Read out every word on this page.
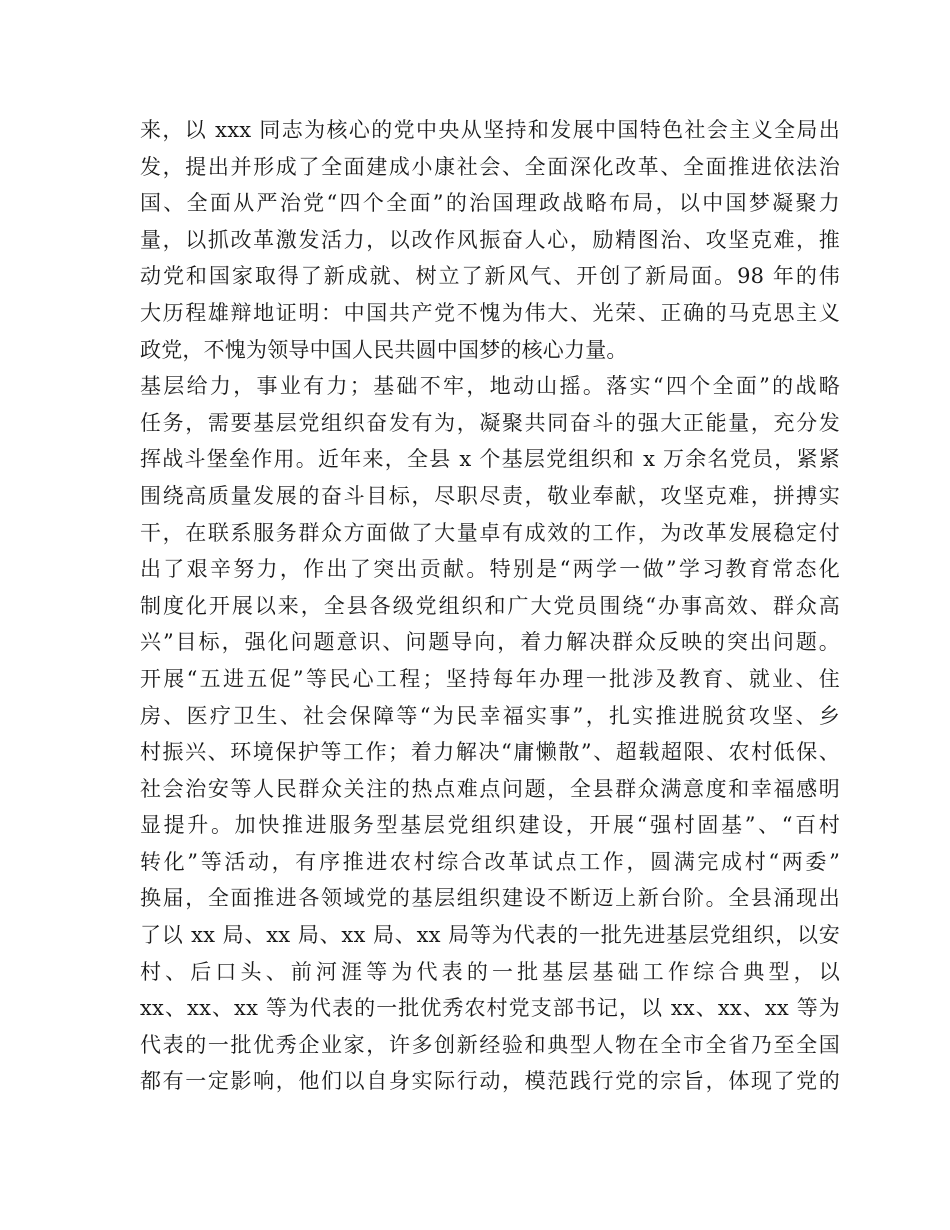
来，以 xxx 同志为核心的党中央从坚持和发展中国特色社会主义全局出
发，提出并形成了全面建成小康社会、全面深化改革、全面推进依法治
国、全面从严治党“四个全面”的治国理政战略布局，以中国梦凝聚力
量，以抓改革激发活力，以改作风振奋人心，励精图治、攻坚克难，推
动党和国家取得了新成就、树立了新风气、开创了新局面。98 年的伟
大历程雄辩地证明：中国共产党不愧为伟大、光荣、正确的马克思主义
政党，不愧为领导中国人民共圆中国梦的核心力量。
基层给力，事业有力；基础不牢，地动山摇。落实“四个全面”的战略
任务，需要基层党组织奋发有为，凝聚共同奋斗的强大正能量，充分发
挥战斗堡垒作用。近年来，全县 x 个基层党组织和 x 万余名党员，紧紧
围绕高质量发展的奋斗目标，尽职尽责，敬业奉献，攻坚克难，拼搏实
干，在联系服务群众方面做了大量卓有成效的工作，为改革发展稳定付
出了艰辛努力，作出了突出贡献。特别是“两学一做”学习教育常态化
制度化开展以来，全县各级党组织和广大党员围绕“办事高效、群众高
兴”目标，强化问题意识、问题导向，着力解决群众反映的突出问题。
开展“五进五促”等民心工程；坚持每年办理一批涉及教育、就业、住
房、医疗卫生、社会保障等“为民幸福实事”，扎实推进脱贫攻坚、乡
村振兴、环境保护等工作；着力解决“庸懒散”、超载超限、农村低保、
社会治安等人民群众关注的热点难点问题，全县群众满意度和幸福感明
显提升。加快推进服务型基层党组织建设，开展“强村固基”、“百村
转化”等活动，有序推进农村综合改革试点工作，圆满完成村“两委”
换届，全面推进各领域党的基层组织建设不断迈上新台阶。全县涌现出
了以 xx 局、xx 局、xx 局、xx 局等为代表的一批先进基层党组织，以安
村、后口头、前河涯等为代表的一批基层基础工作综合典型，以
xx、xx、xx 等为代表的一批优秀农村党支部书记，以 xx、xx、xx 等为
代表的一批优秀企业家，许多创新经验和典型人物在全市全省乃至全国
都有一定影响，他们以自身实际行动，模范践行党的宗旨，体现了党的
